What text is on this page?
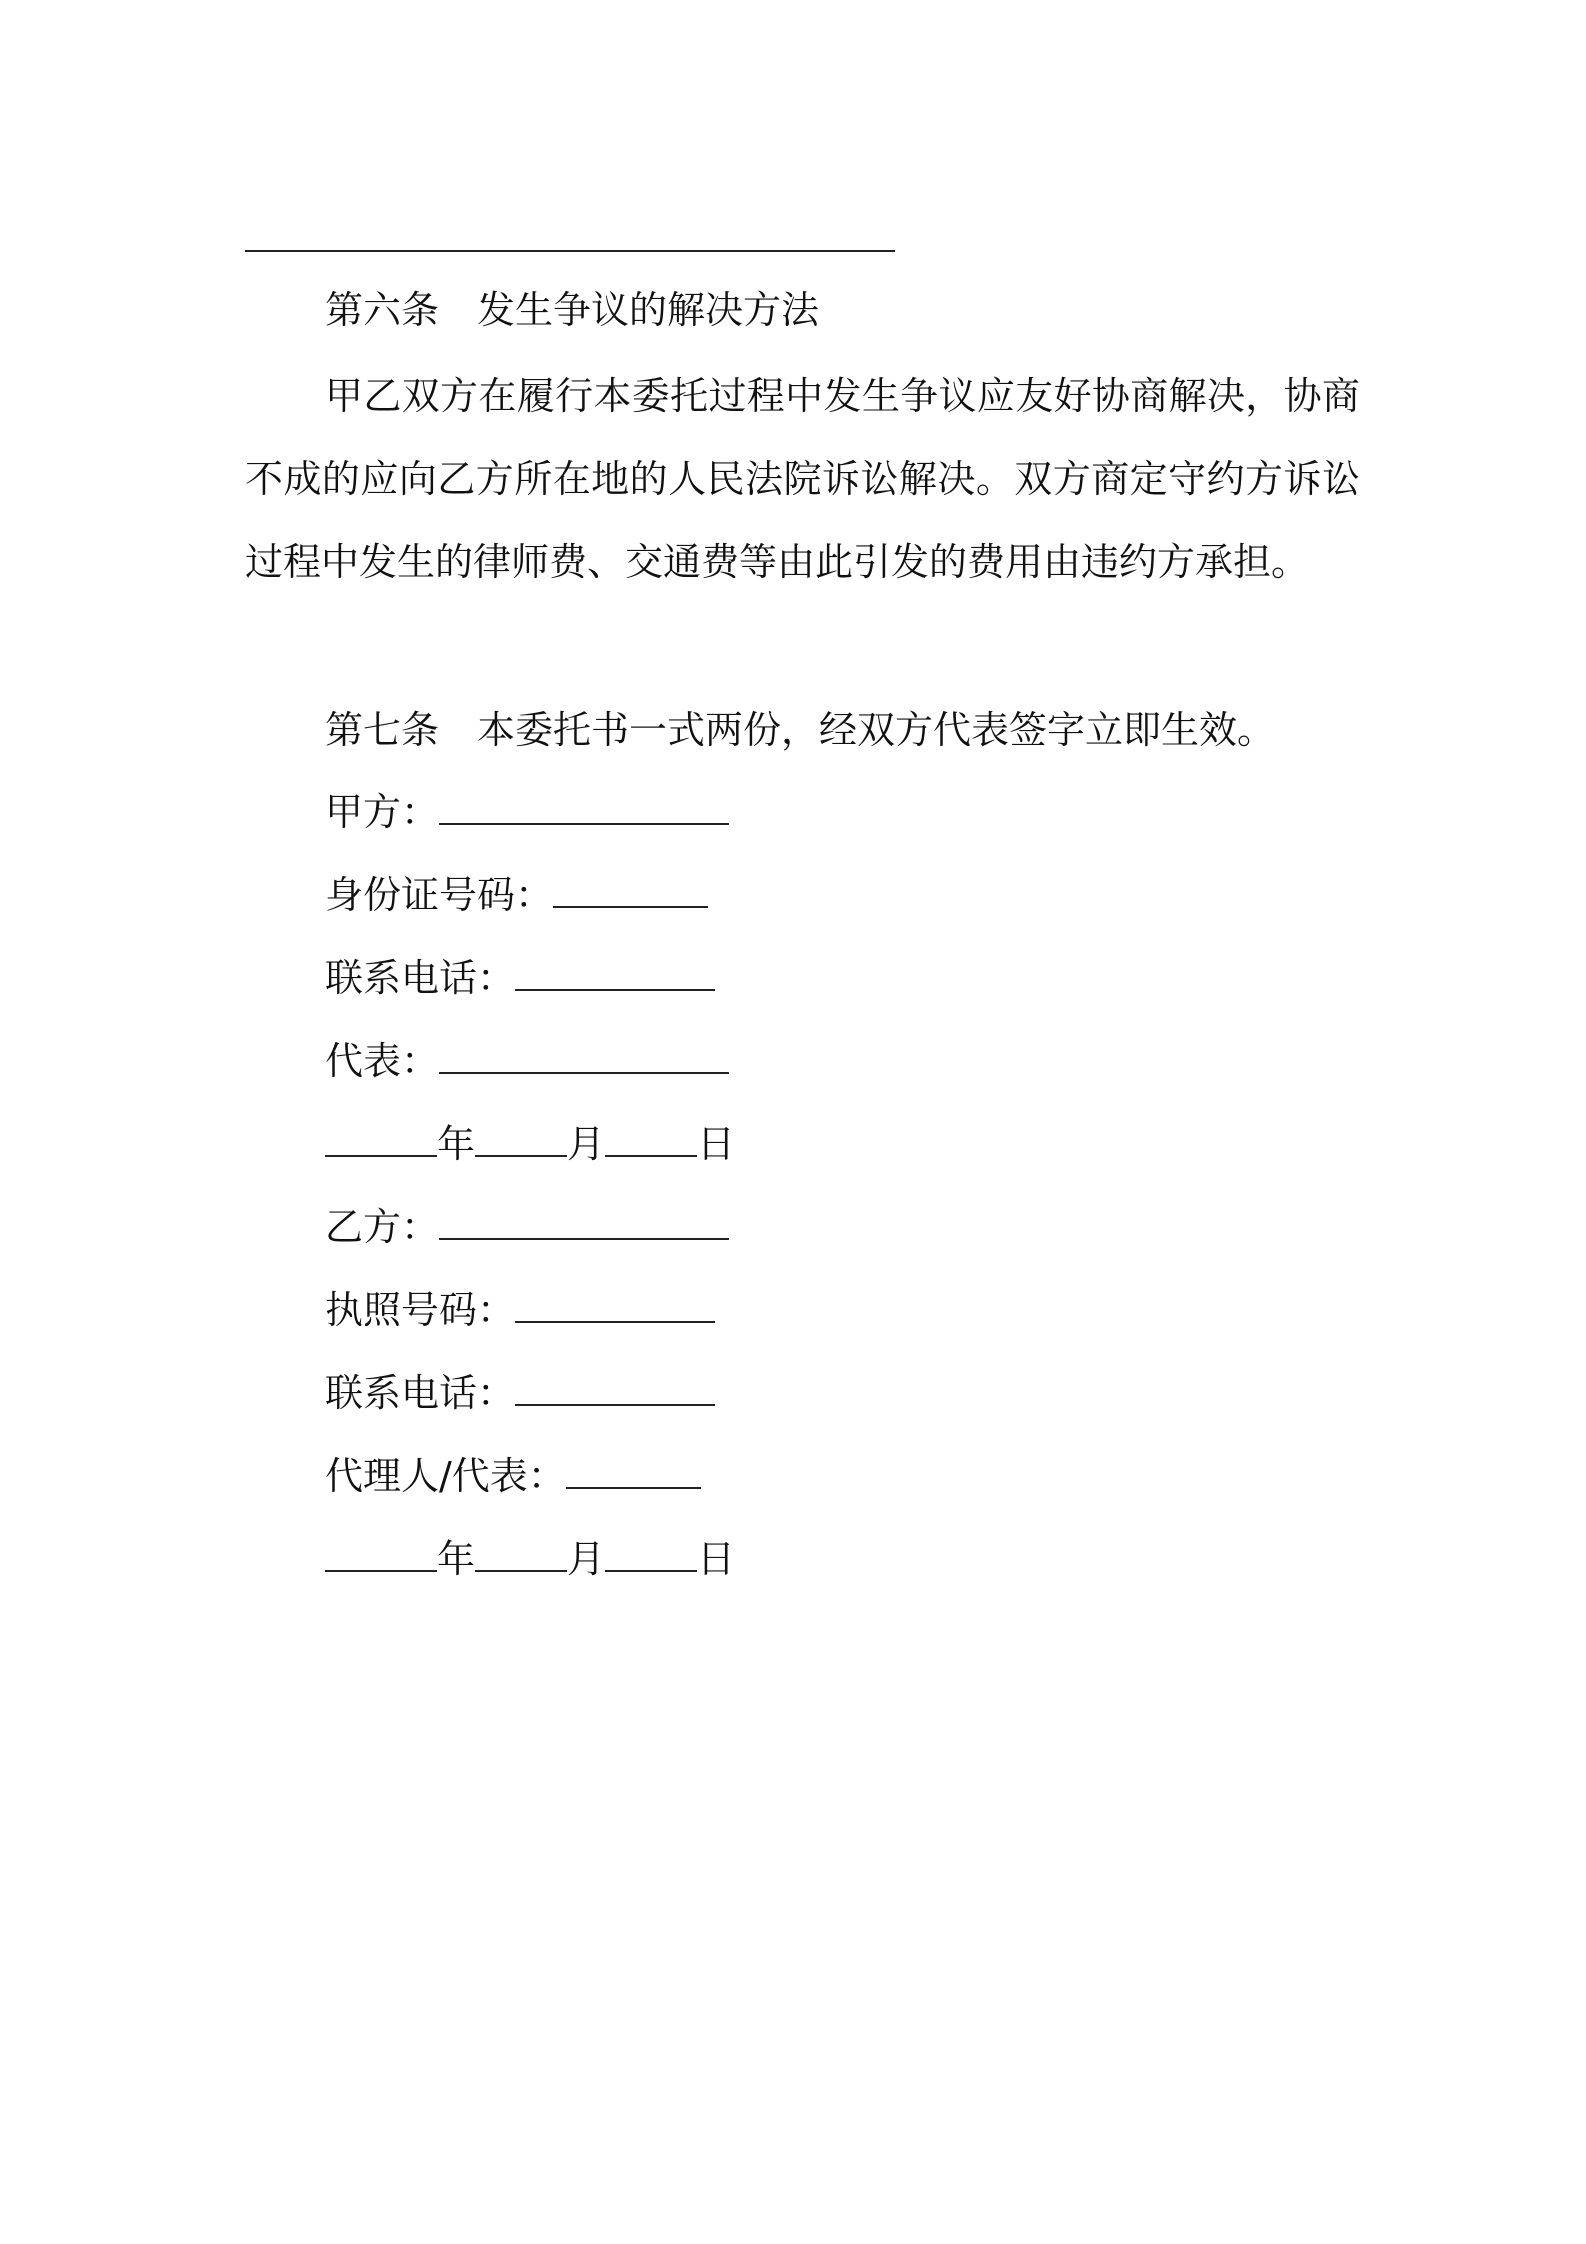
第六条　发生争议的解决方法
甲乙双方在履行本委托过程中发生争议应友好协商解决，协商不成的应向乙方所在地的人民法院诉讼解决。双方商定守约方诉讼过程中发生的律师费、交通费等由此引发的费用由违约方承担。
第七条　本委托书一式两份，经双方代表签字立即生效。
甲方：
身份证号码：
联系电话：
代表：
年 月 日
乙方：
执照号码：
联系电话：
代理人/代表：
年 月 日
